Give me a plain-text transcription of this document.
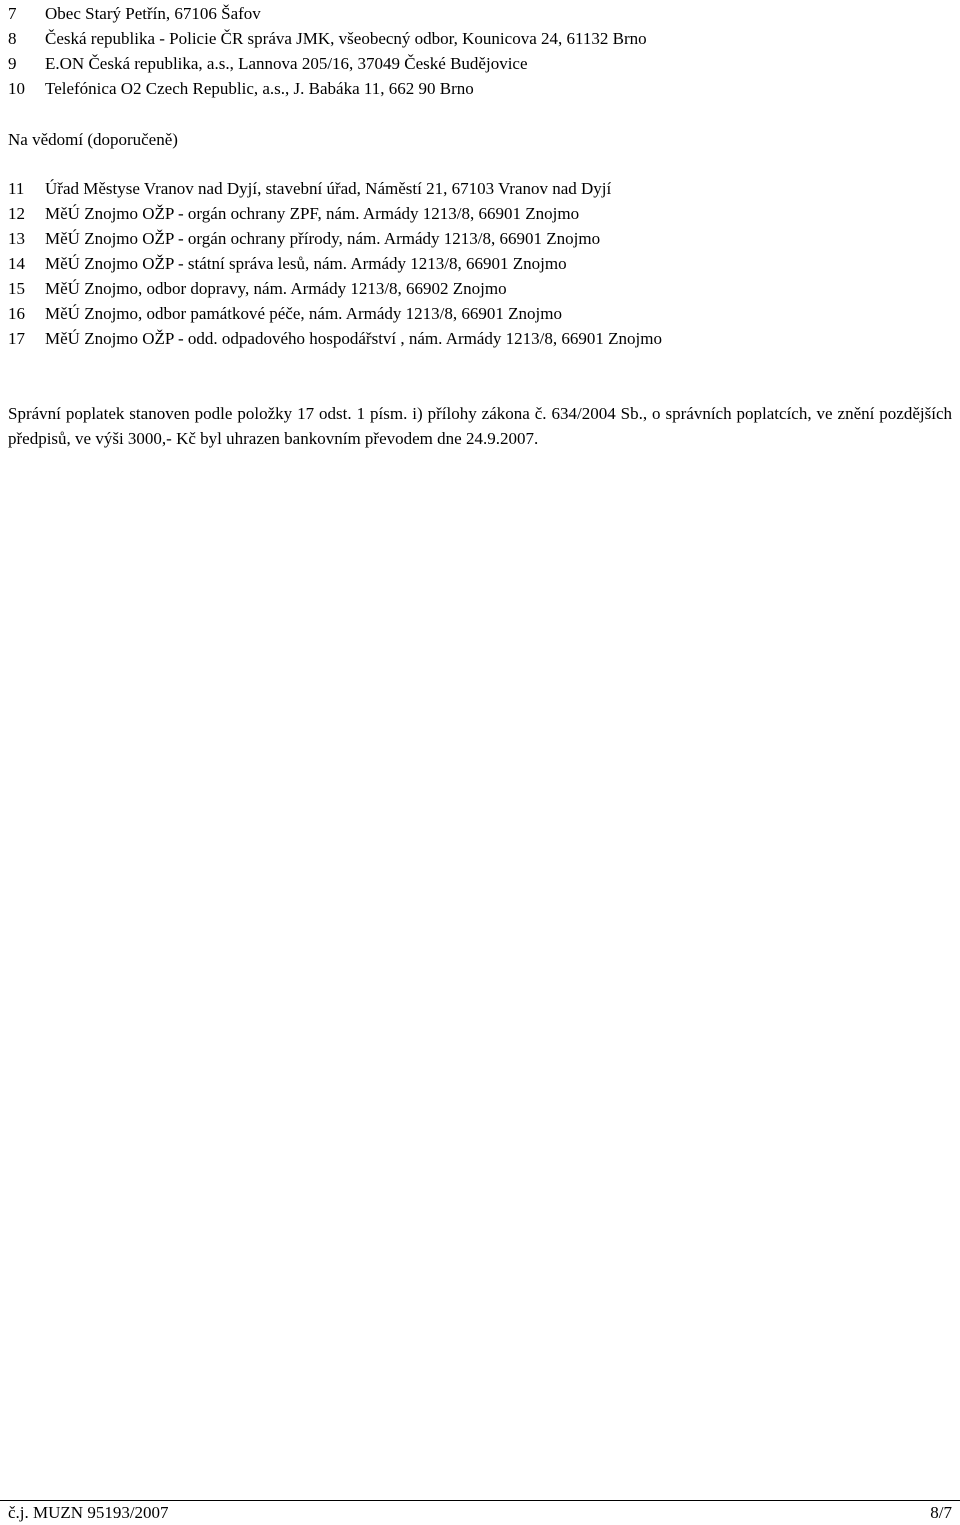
7	Obec Starý Petřín, 67106 Šafov
8	Česká republika - Policie ČR správa JMK, všeobecný odbor, Kounicova 24, 61132 Brno
9	E.ON Česká republika, a.s., Lannova 205/16, 37049 České Budějovice
10	Telefónica O2 Czech Republic, a.s., J. Babáka 11, 662 90 Brno
Na vědomí (doporučeně)
11	Úřad Městyse Vranov nad Dyjí, stavební úřad, Náměstí 21, 67103 Vranov nad Dyjí
12	MěÚ Znojmo OŽP - orgán ochrany ZPF, nám. Armády 1213/8, 66901 Znojmo
13	MěÚ Znojmo OŽP - orgán ochrany přírody, nám. Armády 1213/8, 66901 Znojmo
14	MěÚ Znojmo OŽP - státní správa lesů, nám. Armády 1213/8, 66901 Znojmo
15	MěÚ Znojmo, odbor dopravy, nám. Armády 1213/8, 66902 Znojmo
16	MěÚ Znojmo, odbor památkové péče, nám. Armády 1213/8, 66901 Znojmo
17	MěÚ Znojmo OŽP - odd. odpadového hospodářství , nám. Armády 1213/8, 66901 Znojmo
Správní poplatek stanoven podle položky 17 odst. 1 písm. i) přílohy zákona č. 634/2004 Sb., o správních poplatcích, ve znění pozdějších předpisů, ve výši 3000,- Kč byl uhrazen bankovním převodem dne 24.9.2007.
č.j. MUZN 95193/2007	8/7
